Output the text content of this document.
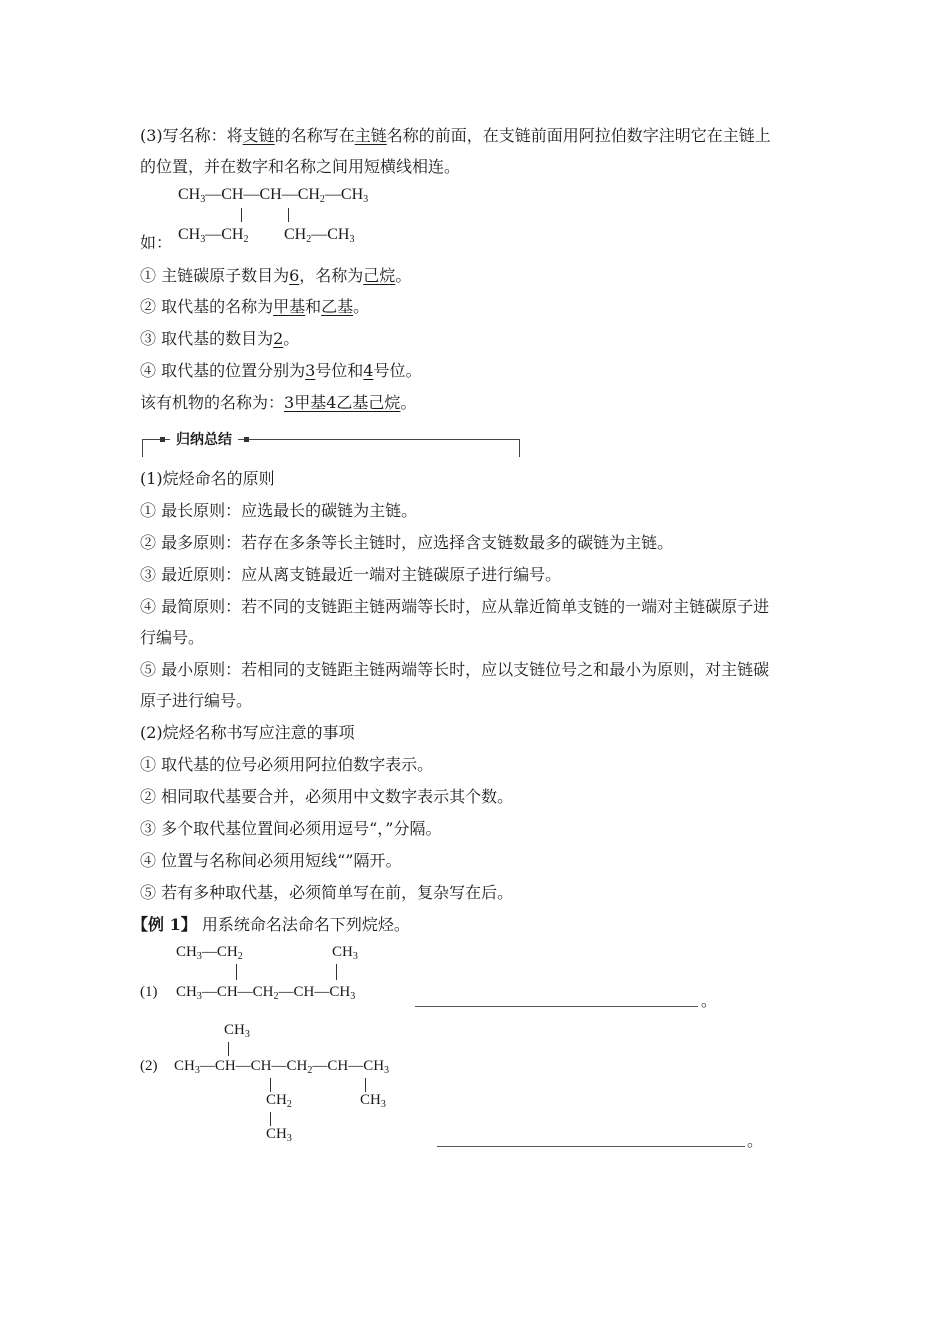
(3)写名称：将支链的名称写在主链名称的前面，在支链前面用阿拉伯数字注明它在主链上
的位置，并在数字和名称之间用短横线相连。
$CH_3—CH—CH—CH_2—CH_3$
$CH_3—CH_2$ $CH_2—CH_3$
如：
① 主链碳原子数目为6，名称为己烷。
② 取代基的名称为甲基和乙基。
③ 取代基的数目为2。
④ 取代基的位置分别为3号位和4号位。
该有机物的名称为：3甲基4乙基己烷。
归纳总结
(1)烷烃命名的原则
① 最长原则：应选最长的碳链为主链。
② 最多原则：若存在多条等长主链时，应选择含支链数最多的碳链为主链。
③ 最近原则：应从离支链最近一端对主链碳原子进行编号。
④ 最简原则：若不同的支链距主链两端等长时，应从靠近简单支链的一端对主链碳原子进
行编号。
⑤ 最小原则：若相同的支链距主链两端等长时，应以支链位号之和最小为原则，对主链碳
原子进行编号。
(2)烷烃名称书写应注意的事项
① 取代基的位号必须用阿拉伯数字表示。
② 相同取代基要合并，必须用中文数字表示其个数。
③ 多个取代基位置间必须用逗号“，”分隔。
④ 位置与名称间必须用短线“”隔开。
⑤ 若有多种取代基，必须简单写在前，复杂写在后。
【例 1】 用系统命名法命名下列烷烃。
$CH_3—CH_2$	$CH_3$
(1) $CH_3—CH—CH_2—CH—CH_3$	。
$CH_3$
(2) $CH_3—CH—CH—CH_2—CH—CH_3$
$CH_2$	$CH_3$
$CH_3$	。
